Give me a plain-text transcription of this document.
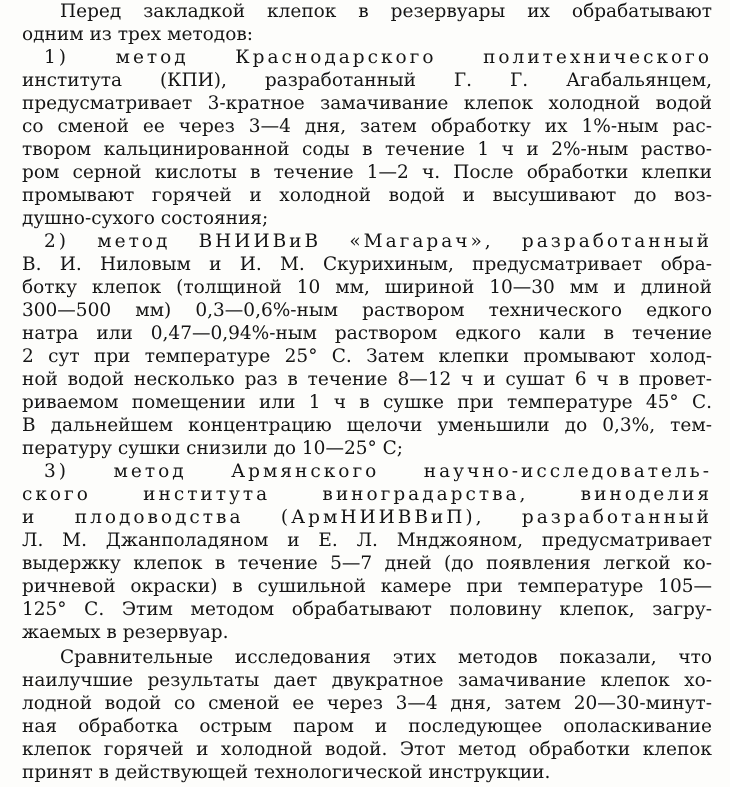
Перед закладкой клепок в резервуары их обрабатывают
одним из трех методов:
1) метод Краснодарского политехнического
института (КПИ), разработанный Г. Г. Агабальянцем,
предусматривает 3-кратное замачивание клепок холодной водой
со сменой ее через 3—4 дня, затем обработку их 1%-ным рас-
твором кальцинированной соды в течение 1 ч и 2%-ным раство-
ром серной кислоты в течение 1—2 ч. После обработки клепки
промывают горячей и холодной водой и высушивают до воз-
душно-сухого состояния;
2) метод ВНИИВиВ «Магарач», разработанный
В. И. Ниловым и И. М. Скурихиным, предусматривает обра-
ботку клепок (толщиной 10 мм, шириной 10—30 мм и длиной
300—500 мм) 0,3—0,6%-ным раствором технического едкого
натра или 0,47—0,94%-ным раствором едкого кали в течение
2 сут при температуре 25° С. Затем клепки промывают холод-
ной водой несколько раз в течение 8—12 ч и сушат 6 ч в провет-
риваемом помещении или 1 ч в сушке при температуре 45° С.
В дальнейшем концентрацию щелочи уменьшили до 0,3%, тем-
пературу сушки снизили до 10—25° С;
3) метод Армянского научно-исследователь-
ского института виноградарства, виноделия
и плодоводства (АрмНИИВВиП), разработанный
Л. М. Джанполадяном и Е. Л. Мнджояном, предусматривает
выдержку клепок в течение 5—7 дней (до появления легкой ко-
ричневой окраски) в сушильной камере при температуре 105—
125° С. Этим методом обрабатывают половину клепок, загру-
жаемых в резервуар.
Сравнительные исследования этих методов показали, что
наилучшие результаты дает двукратное замачивание клепок хо-
лодной водой со сменой ее через 3—4 дня, затем 20—30-минут-
ная обработка острым паром и последующее ополаскивание
клепок горячей и холодной водой. Этот метод обработки клепок
принят в действующей технологической инструкции.
